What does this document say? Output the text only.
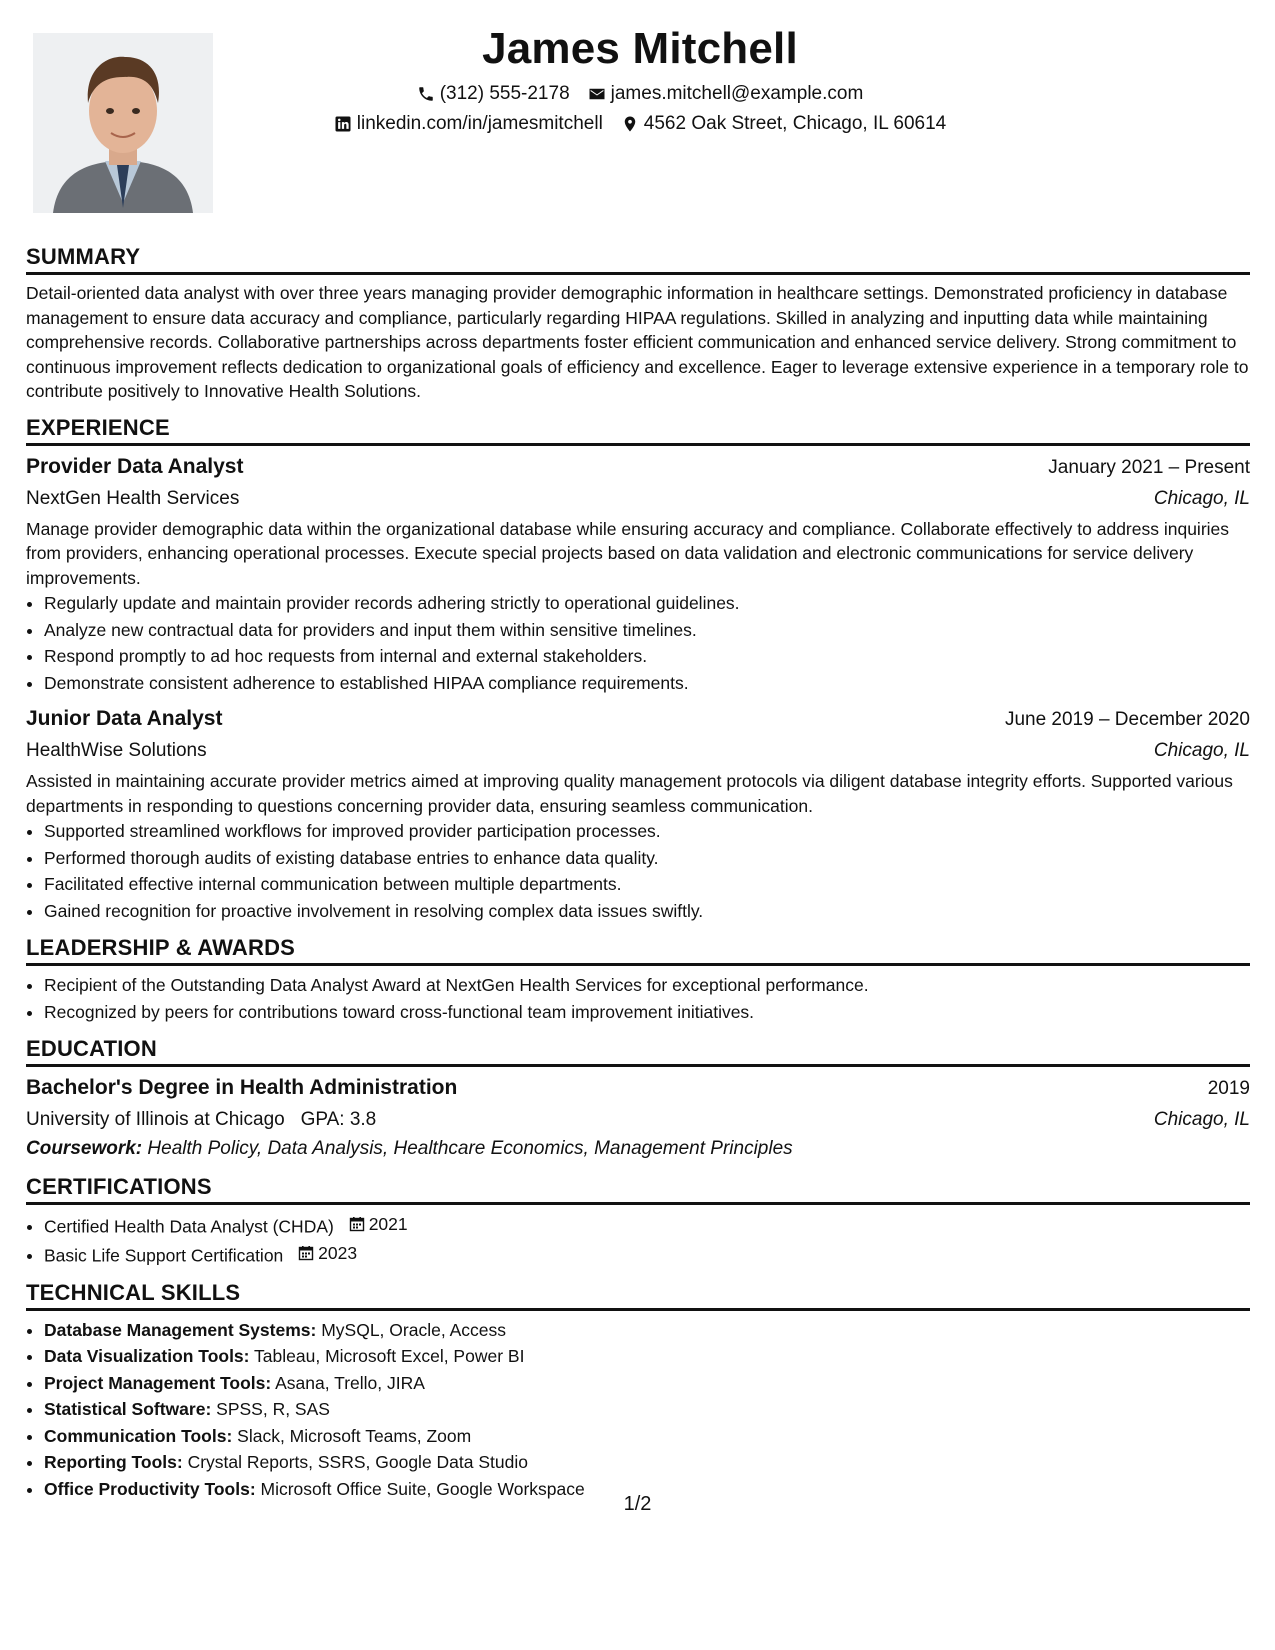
James Mitchell
(312) 555-2178 james.mitchell@example.com
linkedin.com/in/jamesmitchell 4562 Oak Street, Chicago, IL 60614
SUMMARY

Detail-oriented data analyst with over three years managing provider demographic information in healthcare settings. Demonstrated proficiency in database management to ensure data accuracy and compliance, particularly regarding HIPAA regulations. Skilled in analyzing and inputting data while maintaining comprehensive records. Collaborative partnerships across departments foster efficient communication and enhanced service delivery. Strong commitment to continuous improvement reflects dedication to organizational goals of efficiency and excellence. Eager to leverage extensive experience in a temporary role to contribute positively to Innovative Health Solutions.

EXPERIENCE
Provider Data Analyst	January 2021 – Present
NextGen Health Services	Chicago, IL

Manage provider demographic data within the organizational database while ensuring accuracy and compliance. Collaborate effectively to address inquiries from providers, enhancing operational processes. Execute special projects based on data validation and electronic communications for service delivery improvements.

• Regularly update and maintain provider records adhering strictly to operational guidelines.
• Analyze new contractual data for providers and input them within sensitive timelines.
• Respond promptly to ad hoc requests from internal and external stakeholders.
• Demonstrate consistent adherence to established HIPAA compliance requirements.
Junior Data Analyst	June 2019 – December 2020
HealthWise Solutions	Chicago, IL

Assisted in maintaining accurate provider metrics aimed at improving quality management protocols via diligent database integrity efforts. Supported various departments in responding to questions concerning provider data, ensuring seamless communication.

• Supported streamlined workflows for improved provider participation processes.
• Performed thorough audits of existing database entries to enhance data quality.
• Facilitated effective internal communication between multiple departments.
• Gained recognition for proactive involvement in resolving complex data issues swiftly.
LEADERSHIP & AWARDS
• Recipient of the Outstanding Data Analyst Award at NextGen Health Services for exceptional performance.
• Recognized by peers for contributions toward cross-functional team improvement initiatives.
EDUCATION
Bachelor's Degree in Health Administration	2019
University of Illinois at Chicago GPA: 3.8	Chicago, IL
Coursework: Health Policy, Data Analysis, Healthcare Economics, Management Principles
CERTIFICATIONS
• Certified Health Data Analyst (CHDA) 2021
• Basic Life Support Certification 2023
TECHNICAL SKILLS
• Database Management Systems: MySQL, Oracle, Access
• Data Visualization Tools: Tableau, Microsoft Excel, Power BI
• Project Management Tools: Asana, Trello, JIRA
• Statistical Software: SPSS, R, SAS
• Communication Tools: Slack, Microsoft Teams, Zoom
• Reporting Tools: Crystal Reports, SSRS, Google Data Studio
• Office Productivity Tools: Microsoft Office Suite, Google Workspace
1/2
